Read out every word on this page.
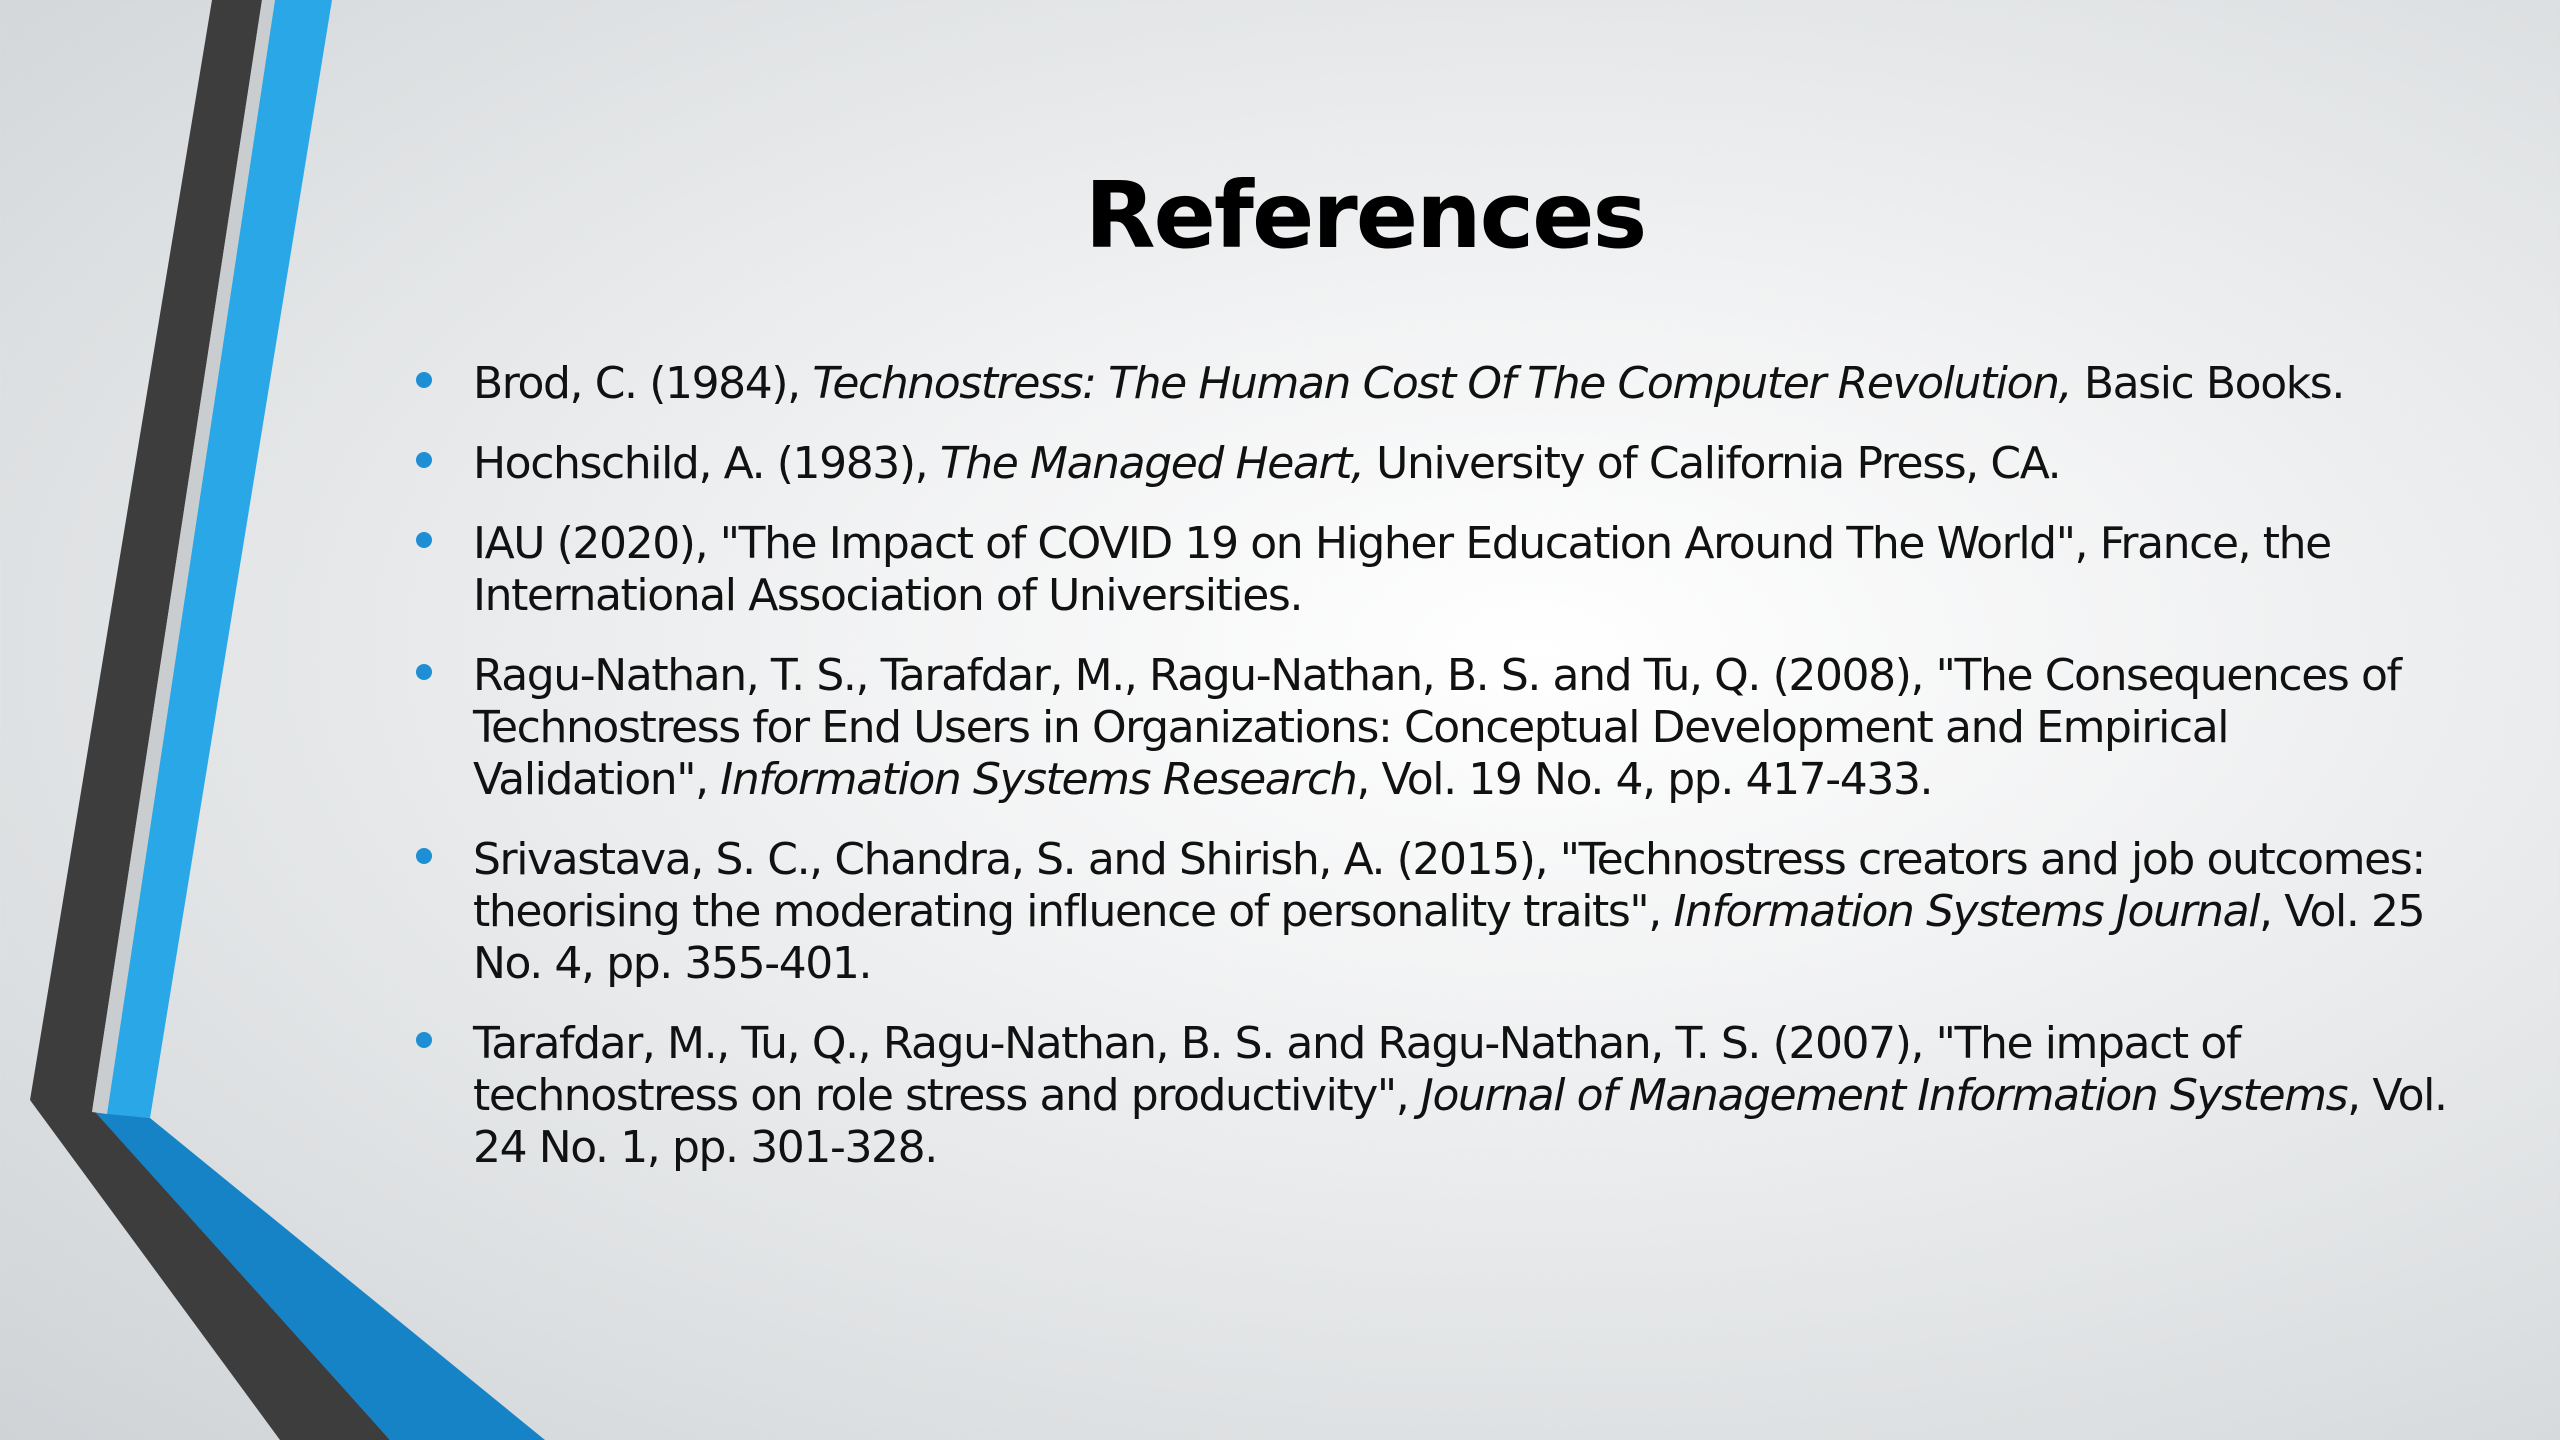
References
Brod, C. (1984), Technostress: The Human Cost Of The Computer Revolution, Basic Books.
Hochschild, A. (1983), The Managed Heart, University of California Press, CA.
IAU (2020), "The Impact of COVID 19 on Higher Education Around The World", France, the International Association of Universities.
Ragu-Nathan, T. S., Tarafdar, M., Ragu-Nathan, B. S. and Tu, Q. (2008), "The Consequences of Technostress for End Users in Organizations: Conceptual Development and Empirical Validation", Information Systems Research, Vol. 19 No. 4, pp. 417-433.
Srivastava, S. C., Chandra, S. and Shirish, A. (2015), "Technostress creators and job outcomes: theorising the moderating influence of personality traits", Information Systems Journal, Vol. 25 No. 4, pp. 355-401.
Tarafdar, M., Tu, Q., Ragu-Nathan, B. S. and Ragu-Nathan, T. S. (2007), "The impact of technostress on role stress and productivity", Journal of Management Information Systems, Vol. 24 No. 1, pp. 301-328.
